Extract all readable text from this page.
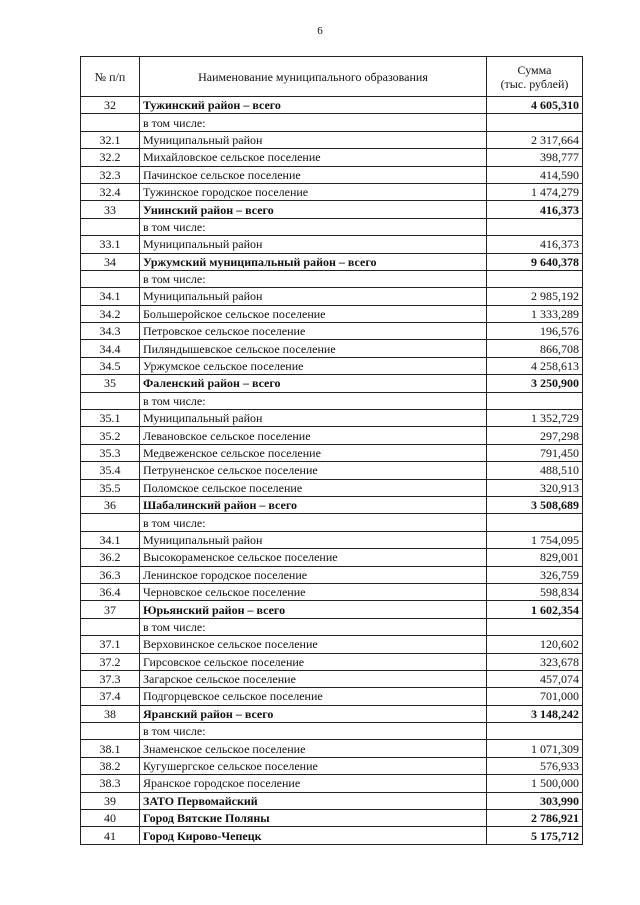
6
№ п/п	Наименование муниципального образования	Сумма
(тыс. рублей)
32	Тужинский район – всего	4 605,310
	в том числе:	
32.1	Муниципальный район	2 317,664
32.2	Михайловское сельское поселение	398,777
32.3	Пачинское сельское поселение	414,590
32.4	Тужинское городское поселение	1 474,279
33	Унинский район – всего	416,373
	в том числе:	
33.1	Муниципальный район	416,373
34	Уржумский муниципальный район – всего	9 640,378
	в том числе:	
34.1	Муниципальный район	2 985,192
34.2	Большеройское сельское поселение	1 333,289
34.3	Петровское сельское поселение	196,576
34.4	Пиляндышевское сельское поселение	866,708
34.5	Уржумское сельское поселение	4 258,613
35	Фаленский район – всего	3 250,900
	в том числе:	
35.1	Муниципальный район	1 352,729
35.2	Левановское сельское поселение	297,298
35.3	Медвеженское сельское поселение	791,450
35.4	Петруненское сельское поселение	488,510
35.5	Поломское сельское поселение	320,913
36	Шабалинский район – всего	3 508,689
	в том числе:	
34.1	Муниципальный район	1 754,095
36.2	Высокораменское сельское поселение	829,001
36.3	Ленинское городское поселение	326,759
36.4	Черновское сельское поселение	598,834
37	Юрьянский район – всего	1 602,354
	в том числе:	
37.1	Верховинское сельское поселение	120,602
37.2	Гирсовское сельское поселение	323,678
37.3	Загарское сельское поселение	457,074
37.4	Подгорцевское сельское поселение	701,000
38	Яранский район – всего	3 148,242
	в том числе:	
38.1	Знаменское сельское поселение	1 071,309
38.2	Кугушергское сельское поселение	576,933
38.3	Яранское городское поселение	1 500,000
39	ЗАТО Первомайский	303,990
40	Город Вятские Поляны	2 786,921
41	Город Кирово-Чепецк	5 175,712
